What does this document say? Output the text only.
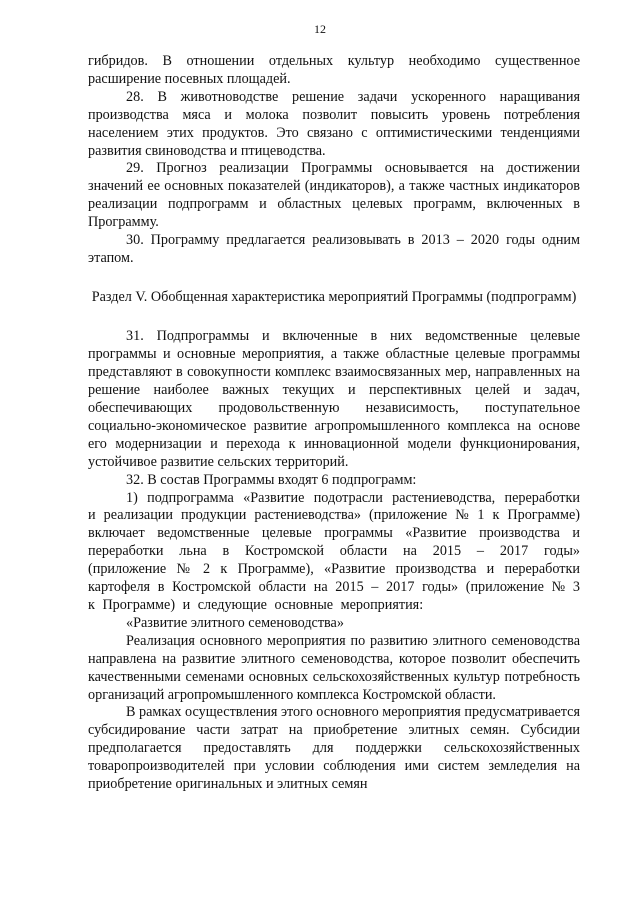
12

гибридов. В отношении отдельных культур необходимо существенное расширение посевных площадей.

28. В животноводстве решение задачи ускоренного наращивания производства мяса и молока позволит повысить уровень потребления населением этих продуктов. Это связано с оптимистическими тенденциями развития свиноводства и птицеводства.

29. Прогноз реализации Программы основывается на достижении значений ее основных показателей (индикаторов), а также частных индикаторов реализации подпрограмм и областных целевых программ, включенных в Программу.

30. Программу предлагается реализовывать в 2013 – 2020 годы одним этапом.

Раздел V. Обобщенная характеристика мероприятий Программы (подпрограмм)

31. Подпрограммы и включенные в них ведомственные целевые программы и основные мероприятия, а также областные целевые программы представляют в совокупности комплекс взаимосвязанных мер, направленных на решение наиболее важных текущих и перспективных целей и задач, обеспечивающих продовольственную независимость, поступательное социально-экономическое развитие агропромышленного комплекса на основе его модернизации и перехода к инновационной модели функционирования, устойчивое развитие сельских территорий.

32. В состав Программы входят 6 подпрограмм:

1) подпрограмма «Развитие подотрасли растениеводства, переработки и реализации продукции растениеводства» (приложение № 1 к Программе) включает ведомственные целевые программы «Развитие производства и переработки льна в Костромской области на 2015 – 2017 годы» (приложение № 2 к Программе), «Развитие производства и переработки картофеля в Костромской области на 2015 – 2017 годы» (приложение № 3 к Программе) и следующие основные мероприятия:

«Развитие элитного семеноводства»

Реализация основного мероприятия по развитию элитного семеноводства направлена на развитие элитного семеноводства, которое позволит обеспечить качественными семенами основных сельскохозяйственных культур потребность организаций агропромышленного комплекса Костромской области.

В рамках осуществления этого основного мероприятия предусматривается субсидирование части затрат на приобретение элитных семян. Субсидии предполагается предоставлять для поддержки сельскохозяйственных товаропроизводителей при условии соблюдения ими систем земледелия на приобретение оригинальных и элитных семян
